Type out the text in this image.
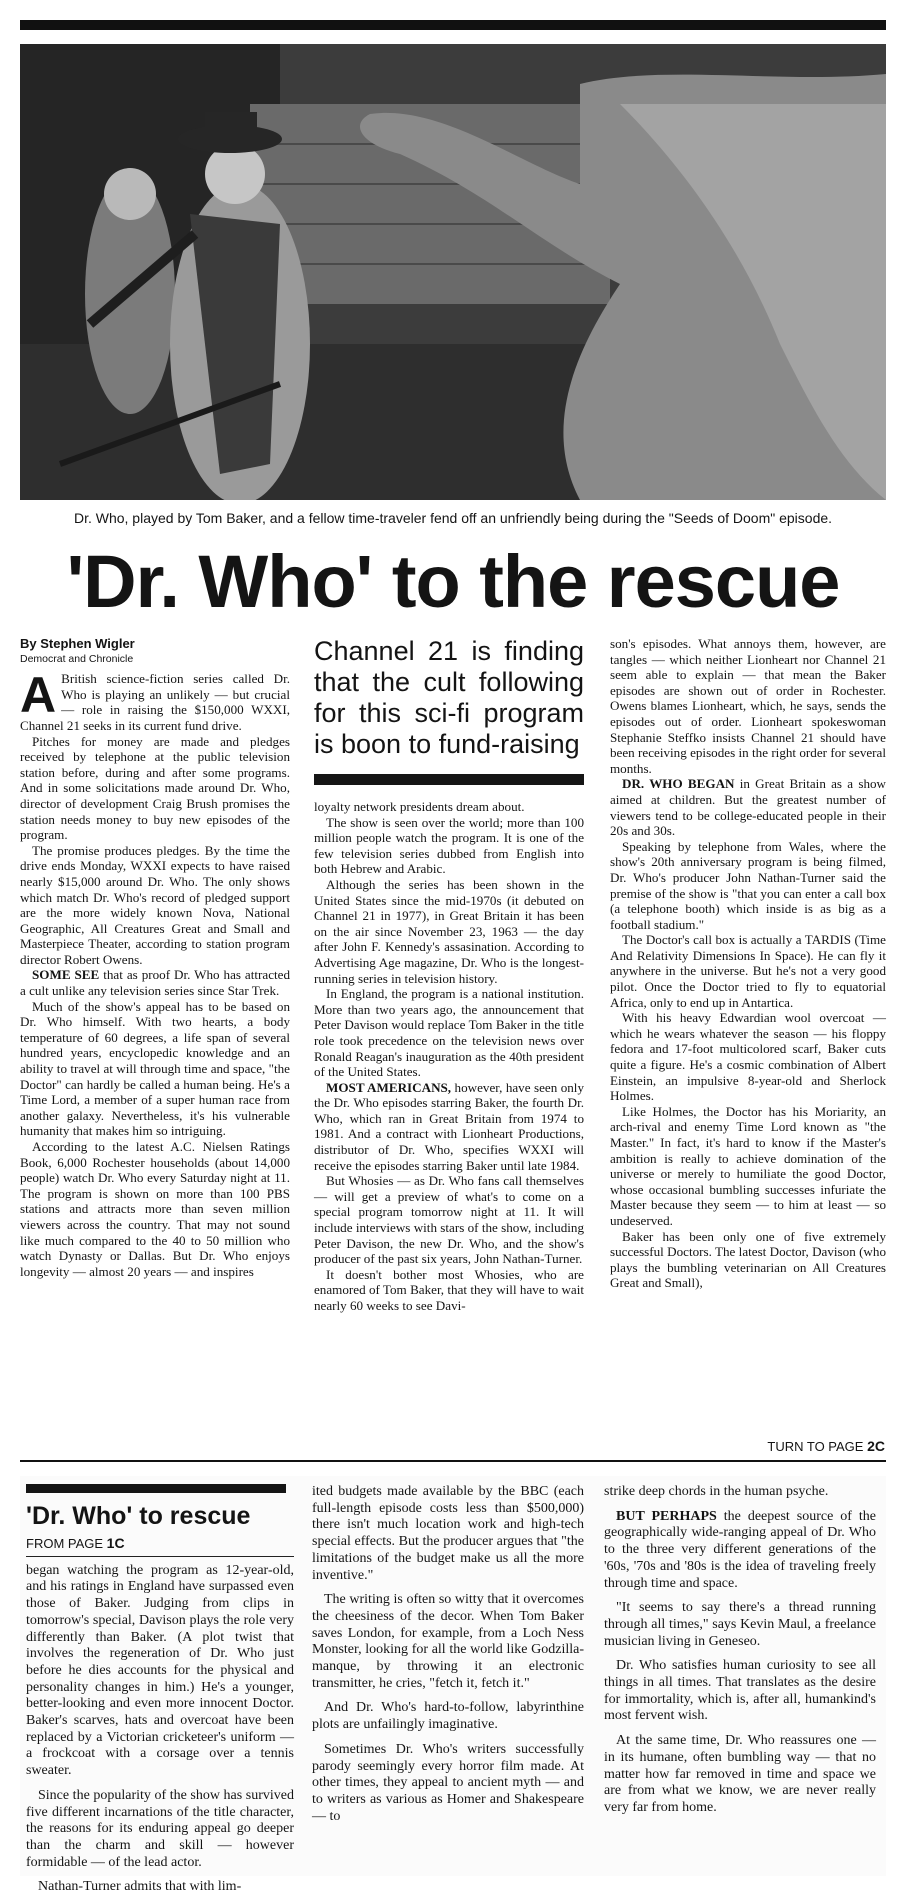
Dr. Who, played by Tom Baker, and a fellow time-traveler fend off an unfriendly being during the "Seeds of Doom" episode.
'Dr. Who' to the rescue
By Stephen Wigler
Democrat and Chronicle

A British science-fiction series called Dr. Who is playing an unlikely — but crucial — role in raising the $150,000 WXXI, Channel 21 seeks in its current fund drive.

Pitches for money are made and pledges received by telephone at the public television station before, during and after some programs. And in some solicitations made around Dr. Who, director of development Craig Brush promises the station needs money to buy new episodes of the program.

The promise produces pledges. By the time the drive ends Monday, WXXI expects to have raised nearly $15,000 around Dr. Who. The only shows which match Dr. Who's record of pledged support are the more widely known Nova, National Geographic, All Creatures Great and Small and Masterpiece Theater, according to station program director Robert Owens.

SOME SEE that as proof Dr. Who has attracted a cult unlike any television series since Star Trek.

Much of the show's appeal has to be based on Dr. Who himself. With two hearts, a body temperature of 60 degrees, a life span of several hundred years, encyclopedic knowledge and an ability to travel at will through time and space, "the Doctor" can hardly be called a human being. He's a Time Lord, a member of a super human race from another galaxy. Nevertheless, it's his vulnerable humanity that makes him so intriguing.

According to the latest A.C. Nielsen Ratings Book, 6,000 Rochester households (about 14,000 people) watch Dr. Who every Saturday night at 11. The program is shown on more than 100 PBS stations and attracts more than seven million viewers across the country. That may not sound like much compared to the 40 to 50 million who watch Dynasty or Dallas. But Dr. Who enjoys longevity — almost 20 years — and inspires

Channel 21 is finding that the cult following for this sci-fi program is boon to fund-raising

loyalty network presidents dream about.

The show is seen over the world; more than 100 million people watch the program. It is one of the few television series dubbed from English into both Hebrew and Arabic.

Although the series has been shown in the United States since the mid-1970s (it debuted on Channel 21 in 1977), in Great Britain it has been on the air since November 23, 1963 — the day after John F. Kennedy's assasination. According to Advertising Age magazine, Dr. Who is the longest-running series in television history.

In England, the program is a national institution. More than two years ago, the announcement that Peter Davison would replace Tom Baker in the title role took precedence on the television news over Ronald Reagan's inauguration as the 40th president of the United States.

MOST AMERICANS, however, have seen only the Dr. Who episodes starring Baker, the fourth Dr. Who, which ran in Great Britain from 1974 to 1981. And a contract with Lionheart Productions, distributor of Dr. Who, specifies WXXI will receive the episodes starring Baker until late 1984.

But Whosies — as Dr. Who fans call themselves — will get a preview of what's to come on a special program tomorrow night at 11. It will include interviews with stars of the show, including Peter Davison, the new Dr. Who, and the show's producer of the past six years, John Nathan-Turner.

It doesn't bother most Whosies, who are enamored of Tom Baker, that they will have to wait nearly 60 weeks to see Davi-

son's episodes. What annoys them, however, are tangles — which neither Lionheart nor Channel 21 seem able to explain — that mean the Baker episodes are shown out of order in Rochester. Owens blames Lionheart, which, he says, sends the episodes out of order. Lionheart spokeswoman Stephanie Steffko insists Channel 21 should have been receiving episodes in the right order for several months.

DR. WHO BEGAN in Great Britain as a show aimed at children. But the greatest number of viewers tend to be college-educated people in their 20s and 30s.

Speaking by telephone from Wales, where the show's 20th anniversary program is being filmed, Dr. Who's producer John Nathan-Turner said the premise of the show is "that you can enter a call box (a telephone booth) which inside is as big as a football stadium."

The Doctor's call box is actually a TARDIS (Time And Relativity Dimensions In Space). He can fly it anywhere in the universe. But he's not a very good pilot. Once the Doctor tried to fly to equatorial Africa, only to end up in Antartica.

With his heavy Edwardian wool overcoat — which he wears whatever the season — his floppy fedora and 17-foot multicolored scarf, Baker cuts quite a figure. He's a cosmic combination of Albert Einstein, an impulsive 8-year-old and Sherlock Holmes.

Like Holmes, the Doctor has his Moriarity, an arch-rival and enemy Time Lord known as "the Master." In fact, it's hard to know if the Master's ambition is really to achieve domination of the universe or merely to humiliate the good Doctor, whose occasional bumbling successes infuriate the Master because they seem — to him at least — so undeserved.

Baker has been only one of five extremely successful Doctors. The latest Doctor, Davison (who plays the bumbling veterinarian on All Creatures Great and Small),

TURN TO PAGE 2C
'Dr. Who' to rescue
FROM PAGE 1C

began watching the program as 12-year-old, and his ratings in England have surpassed even those of Baker. Judging from clips in tomorrow's special, Davison plays the role very differently than Baker. (A plot twist that involves the regeneration of Dr. Who just before he dies accounts for the physical and personality changes in him.) He's a younger, better-looking and even more innocent Doctor. Baker's scarves, hats and overcoat have been replaced by a Victorian cricketeer's uniform — a frockcoat with a corsage over a tennis sweater.

Since the popularity of the show has survived five different incarnations of the title character, the reasons for its enduring appeal go deeper than the charm and skill — however formidable — of the lead actor.

Nathan-Turner admits that with lim-

ited budgets made available by the BBC (each full-length episode costs less than $500,000) there isn't much location work and high-tech special effects. But the producer argues that "the limitations of the budget make us all the more inventive."

The writing is often so witty that it overcomes the cheesiness of the decor. When Tom Baker saves London, for example, from a Loch Ness Monster, looking for all the world like Godzilla-manque, by throwing it an electronic transmitter, he cries, "fetch it, fetch it."

And Dr. Who's hard-to-follow, labyrinthine plots are unfailingly imaginative.

Sometimes Dr. Who's writers successfully parody seemingly every horror film made. At other times, they appeal to ancient myth — and to writers as various as Homer and Shakespeare — to

strike deep chords in the human psyche.

BUT PERHAPS the deepest source of the geographically wide-ranging appeal of Dr. Who to the three very different generations of the '60s, '70s and '80s is the idea of traveling freely through time and space.

"It seems to say there's a thread running through all times," says Kevin Maul, a freelance musician living in Geneseo.

Dr. Who satisfies human curiosity to see all things in all times. That translates as the desire for immortality, which is, after all, humankind's most fervent wish.

At the same time, Dr. Who reassures one — in its humane, often bumbling way — that no matter how far removed in time and space we are from what we know, we are never really very far from home.
